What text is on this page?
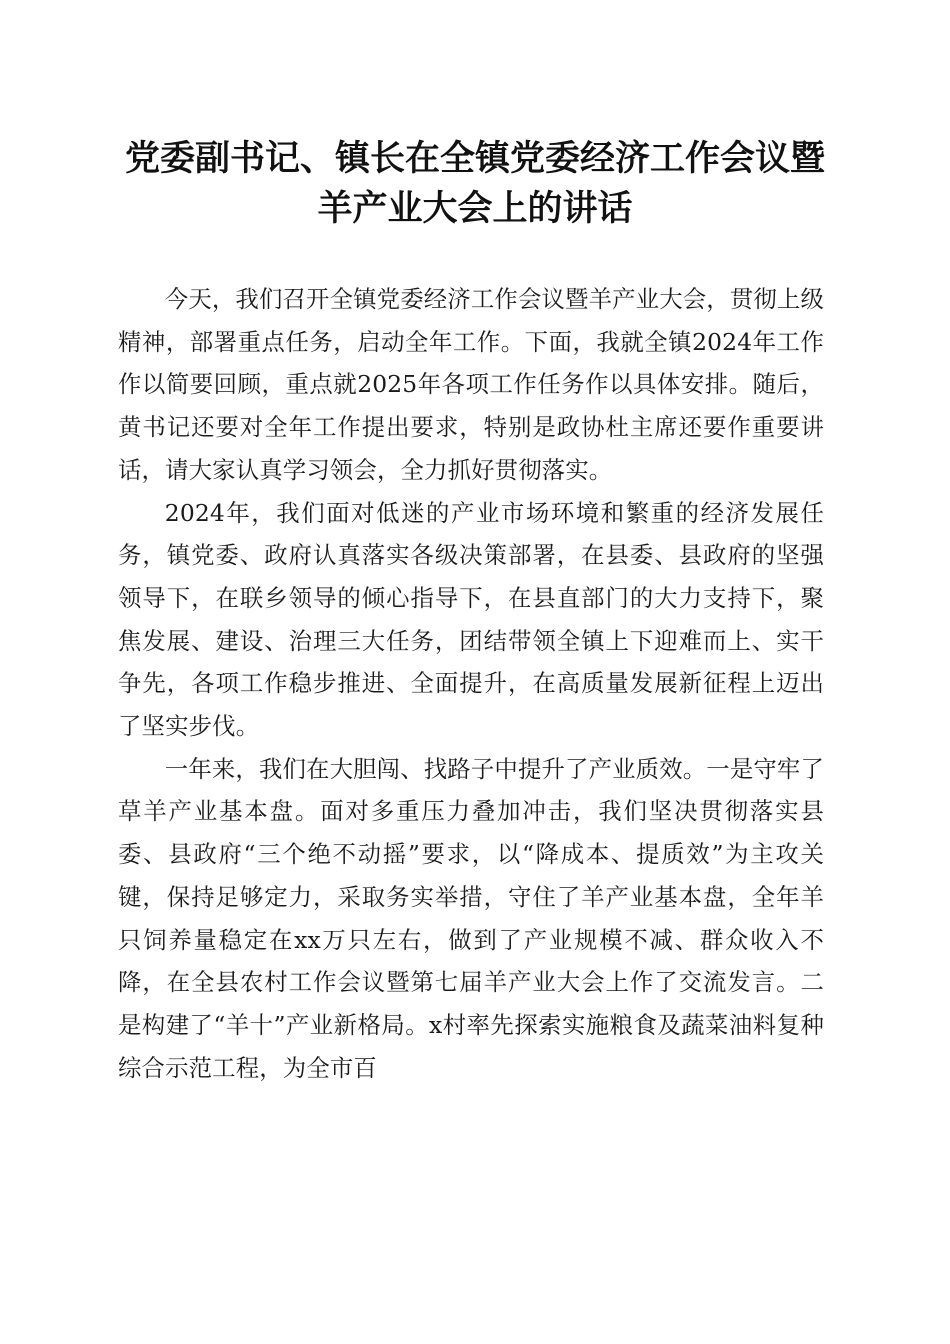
党委副书记、镇长在全镇党委经济工作会议暨
羊产业大会上的讲话

今天，我们召开全镇党委经济工作会议暨羊产业大会，贯彻上级精神，部署重点任务，启动全年工作。下面，我就全镇2024年工作作以简要回顾，重点就2025年各项工作任务作以具体安排。随后，黄书记还要对全年工作提出要求，特别是政协杜主席还要作重要讲话，请大家认真学习领会，全力抓好贯彻落实。

2024年，我们面对低迷的产业市场环境和繁重的经济发展任务，镇党委、政府认真落实各级决策部署，在县委、县政府的坚强领导下，在联乡领导的倾心指导下，在县直部门的大力支持下，聚焦发展、建设、治理三大任务，团结带领全镇上下迎难而上、实干争先，各项工作稳步推进、全面提升，在高质量发展新征程上迈出了坚实步伐。

一年来，我们在大胆闯、找路子中提升了产业质效。一是守牢了草羊产业基本盘。面对多重压力叠加冲击，我们坚决贯彻落实县委、县政府“三个绝不动摇”要求，以“降成本、提质效”为主攻关键，保持足够定力，采取务实举措，守住了羊产业基本盘，全年羊只饲养量稳定在xx万只左右，做到了产业规模不减、群众收入不降，在全县农村工作会议暨第七届羊产业大会上作了交流发言。二是构建了“羊十”产业新格局。x村率先探索实施粮食及蔬菜油料复种综合示范工程，为全市百
